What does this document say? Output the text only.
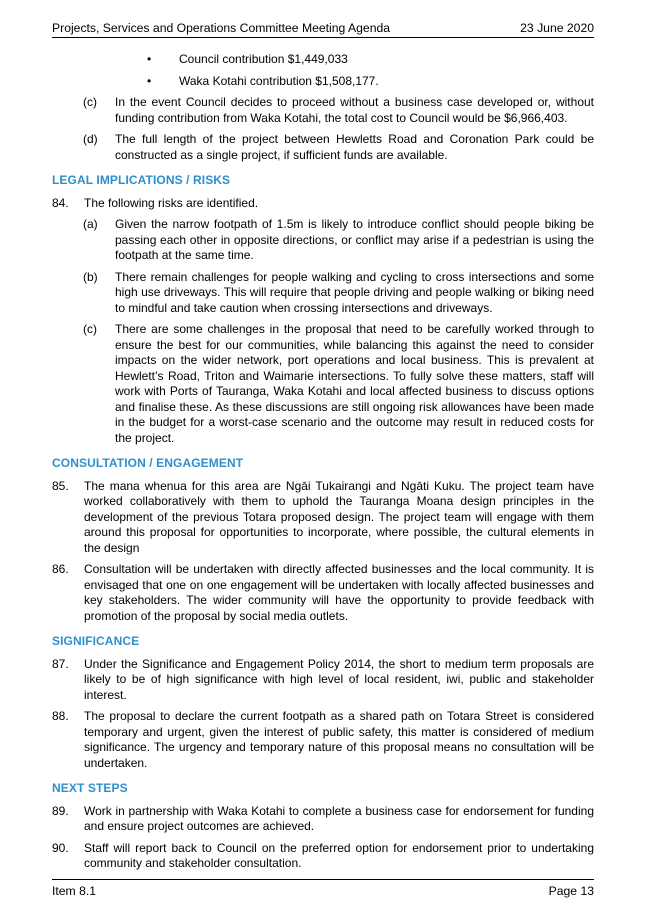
Projects, Services and Operations Committee Meeting Agenda	23 June 2020
• Council contribution $1,449,033
• Waka Kotahi contribution $1,508,177.
(c) In the event Council decides to proceed without a business case developed or, without funding contribution from Waka Kotahi, the total cost to Council would be $6,966,403.
(d) The full length of the project between Hewletts Road and Coronation Park could be constructed as a single project, if sufficient funds are available.
LEGAL IMPLICATIONS / RISKS
84. The following risks are identified.
(a) Given the narrow footpath of 1.5m is likely to introduce conflict should people biking be passing each other in opposite directions, or conflict may arise if a pedestrian is using the footpath at the same time.
(b) There remain challenges for people walking and cycling to cross intersections and some high use driveways. This will require that people driving and people walking or biking need to mindful and take caution when crossing intersections and driveways.
(c) There are some challenges in the proposal that need to be carefully worked through to ensure the best for our communities, while balancing this against the need to consider impacts on the wider network, port operations and local business. This is prevalent at Hewlett’s Road, Triton and Waimarie intersections. To fully solve these matters, staff will work with Ports of Tauranga, Waka Kotahi and local affected business to discuss options and finalise these. As these discussions are still ongoing risk allowances have been made in the budget for a worst-case scenario and the outcome may result in reduced costs for the project.
CONSULTATION / ENGAGEMENT
85. The mana whenua for this area are Ngāi Tukairangi and Ngāti Kuku. The project team have worked collaboratively with them to uphold the Tauranga Moana design principles in the development of the previous Totara proposed design. The project team will engage with them around this proposal for opportunities to incorporate, where possible, the cultural elements in the design
86. Consultation will be undertaken with directly affected businesses and the local community. It is envisaged that one on one engagement will be undertaken with locally affected businesses and key stakeholders. The wider community will have the opportunity to provide feedback with promotion of the proposal by social media outlets.
SIGNIFICANCE
87. Under the Significance and Engagement Policy 2014, the short to medium term proposals are likely to be of high significance with high level of local resident, iwi, public and stakeholder interest.
88. The proposal to declare the current footpath as a shared path on Totara Street is considered temporary and urgent, given the interest of public safety, this matter is considered of medium significance. The urgency and temporary nature of this proposal means no consultation will be undertaken.
NEXT STEPS
89. Work in partnership with Waka Kotahi to complete a business case for endorsement for funding and ensure project outcomes are achieved.
90. Staff will report back to Council on the preferred option for endorsement prior to undertaking community and stakeholder consultation.
Item 8.1	Page 13
